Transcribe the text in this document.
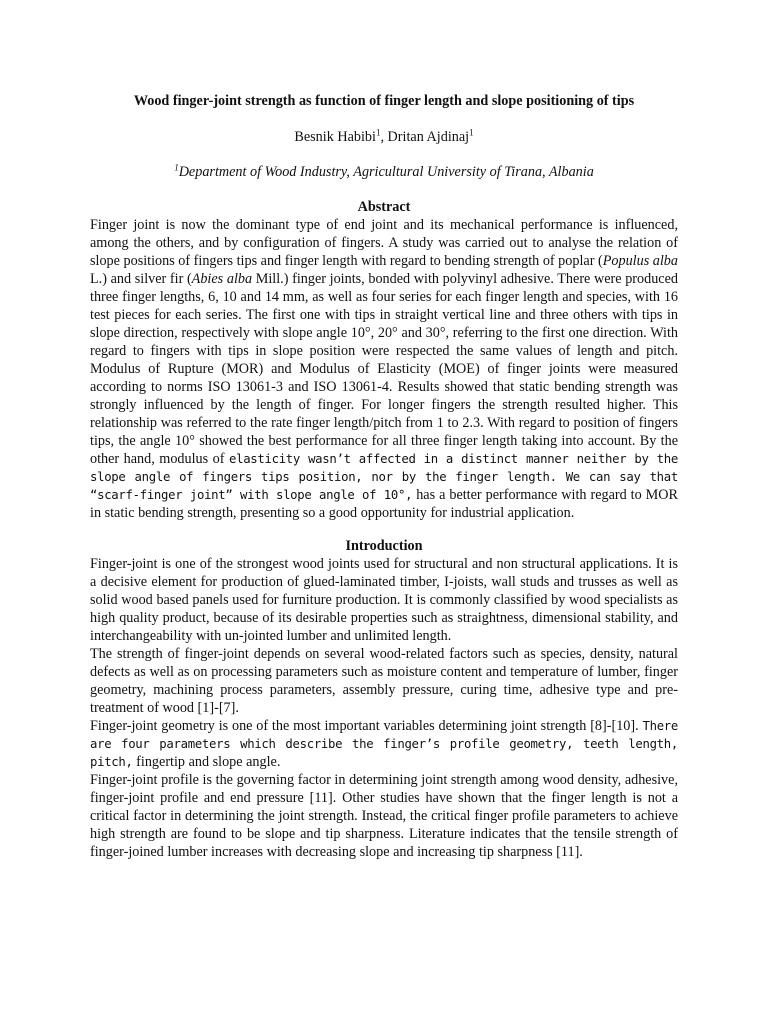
Wood finger-joint strength as function of finger length and slope positioning of tips
Besnik Habibi$^1$, Dritan Ajdinaj$^1$
$^1$Department of Wood Industry, Agricultural University of Tirana, Albania
Abstract

Finger joint is now the dominant type of end joint and its mechanical performance is influenced, among the others, and by configuration of fingers. A study was carried out to analyse the relation of slope positions of fingers tips and finger length with regard to bending strength of poplar (Populus alba L.) and silver fir (Abies alba Mill.) finger joints, bonded with polyvinyl adhesive. There were produced three finger lengths, 6, 10 and 14 mm, as well as four series for each finger length and species, with 16 test pieces for each series. The first one with tips in straight vertical line and three others with tips in slope direction, respectively with slope angle 10°, 20° and 30°, referring to the first one direction. With regard to fingers with tips in slope position were respected the same values of length and pitch. Modulus of Rupture (MOR) and Modulus of Elasticity (MOE) of finger joints were measured according to norms ISO 13061-3 and ISO 13061-4. Results showed that static bending strength was strongly influenced by the length of finger. For longer fingers the strength resulted higher. This relationship was referred to the rate finger length/pitch from 1 to 2.3. With regard to position of fingers tips, the angle 10° showed the best performance for all three finger length taking into account. By the other hand, modulus of elasticity wasn’t affected in a distinct manner neither by the slope angle of fingers tips position, nor by the finger length. We can say that “scarf-finger joint” with slope angle of 10°, has a better performance with regard to MOR in static bending strength, presenting so a good opportunity for industrial application.

Introduction

Finger-joint is one of the strongest wood joints used for structural and non structural applications. It is a decisive element for production of glued-laminated timber, I-joists, wall studs and trusses as well as solid wood based panels used for furniture production. It is commonly classified by wood specialists as high quality product, because of its desirable properties such as straightness, dimensional stability, and interchangeability with un-jointed lumber and unlimited length.

The strength of finger-joint depends on several wood-related factors such as species, density, natural defects as well as on processing parameters such as moisture content and temperature of lumber, finger geometry, machining process parameters, assembly pressure, curing time, adhesive type and pre-treatment of wood [1]-[7].

Finger-joint geometry is one of the most important variables determining joint strength [8]-[10]. There are four parameters which describe the finger’s profile geometry, teeth length, pitch, fingertip and slope angle.

Finger-joint profile is the governing factor in determining joint strength among wood density, adhesive, finger-joint profile and end pressure [11]. Other studies have shown that the finger length is not a critical factor in determining the joint strength. Instead, the critical finger profile parameters to achieve high strength are found to be slope and tip sharpness. Literature indicates that the tensile strength of finger-joined lumber increases with decreasing slope and increasing tip sharpness [11].
